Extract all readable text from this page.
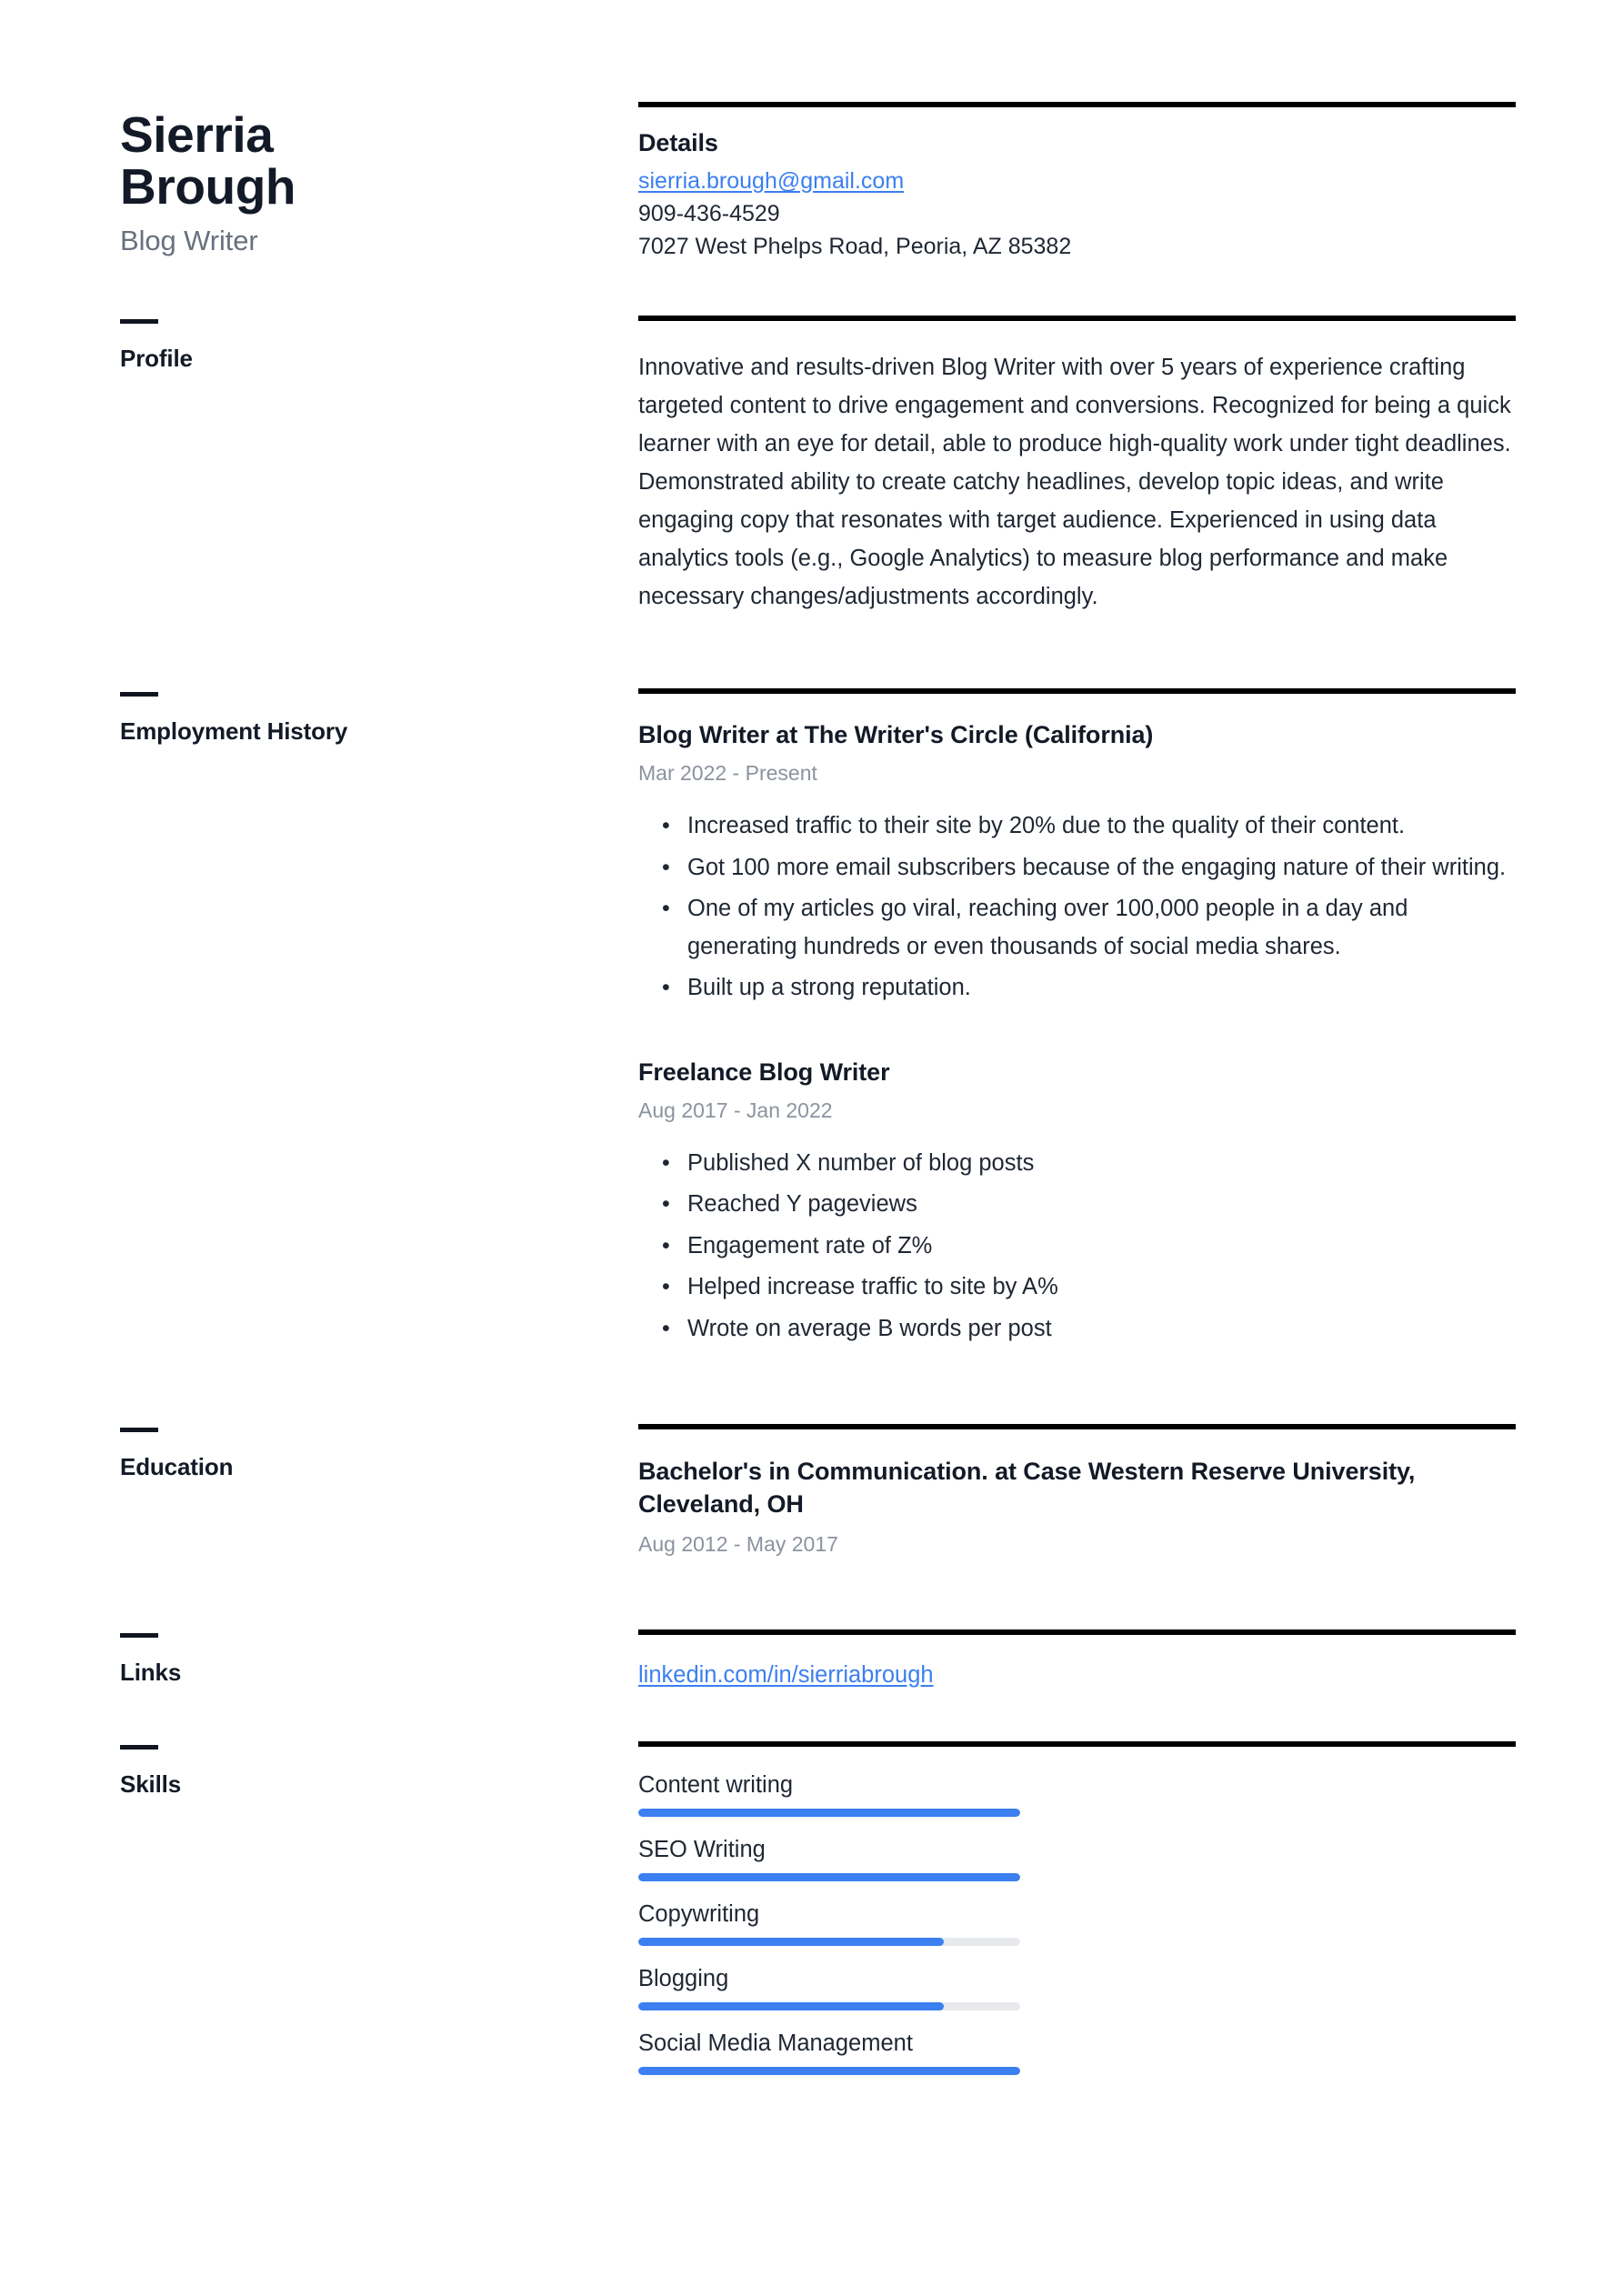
Sierria
Brough
Blog Writer
Details
sierria.brough@gmail.com
909-436-4529
7027 West Phelps Road, Peoria, AZ 85382
Profile	Innovative and results-driven Blog Writer with over 5 years of experience crafting targeted content to drive engagement and conversions. Recognized for being a quick learner with an eye for detail, able to produce high-quality work under tight deadlines. Demonstrated ability to create catchy headlines, develop topic ideas, and write engaging copy that resonates with target audience. Experienced in using data analytics tools (e.g., Google Analytics) to measure blog performance and make necessary changes/adjustments accordingly.
Employment History	Blog Writer at The Writer's Circle (California)
Mar 2022 - Present
• Increased traffic to their site by 20% due to the quality of their content.
• Got 100 more email subscribers because of the engaging nature of their writing.
• One of my articles go viral, reaching over 100,000 people in a day and generating hundreds or even thousands of social media shares.
• Built up a strong reputation.
Freelance Blog Writer
Aug 2017 - Jan 2022
• Published X number of blog posts
• Reached Y pageviews
• Engagement rate of Z%
• Helped increase traffic to site by A%
• Wrote on average B words per post
Education	Bachelor's in Communication. at Case Western Reserve University, Cleveland, OH
Aug 2012 - May 2017
Links	linkedin.com/in/sierriabrough
Skills	Content writing
SEO Writing
Copywriting
Blogging
Social Media Management
